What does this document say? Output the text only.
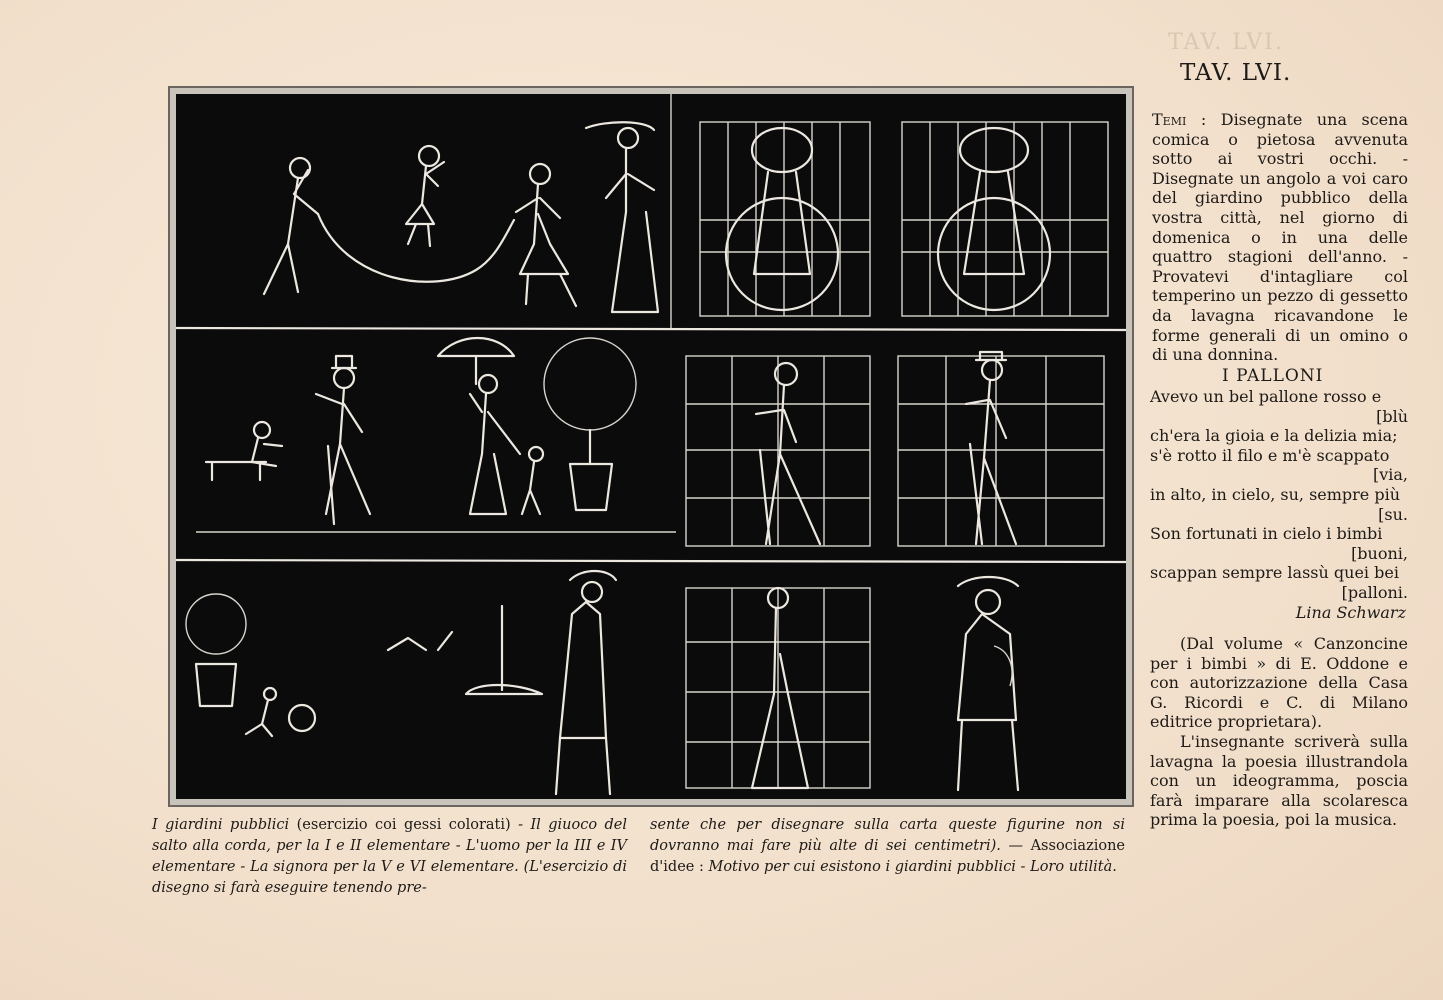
TAV. LVI.
TAV. LVI.
I giardini pubblici (esercizio coi gessi colorati) - Il giuoco del salto alla corda, per la I e II elementare - L'uomo per la III e IV elementare - La signora per la V e VI elementare. (L'esercizio di disegno si farà eseguire tenendo pre-
sente che per disegnare sulla carta queste figurine non si dovranno mai fare più alte di sei centimetri). — Associazione d'idee : Motivo per cui esistono i giardini pubblici - Loro utilità.
Temi : Disegnate una scena comica o pietosa avvenuta sotto ai vostri occhi. - Disegnate un angolo a voi caro del giardino pubblico della vostra città, nel giorno di domenica o in una delle quattro stagioni dell'anno. - Provatevi d'intagliare col temperino un pezzo di gessetto da lavagna ricavandone le forme generali di un omino o di una donnina.
I PALLONI
Avevo un bel pallone rosso e
[blù
ch'era la gioia e la delizia mia;
s'è rotto il filo e m'è scappato
[via,
in alto, in cielo, su, sempre più
[su.
Son fortunati in cielo i bimbi
[buoni,
scappan sempre lassù quei bei
[palloni.
Lina Schwarz

(Dal volume « Canzoncine per i bimbi » di E. Oddone e con autorizzazione della Casa G. Ricordi e C. di Milano editrice proprietara).

L'insegnante scriverà sulla lavagna la poesia illustrandola con un ideogramma, poscia farà imparare alla scolaresca prima la poesia, poi la musica.
